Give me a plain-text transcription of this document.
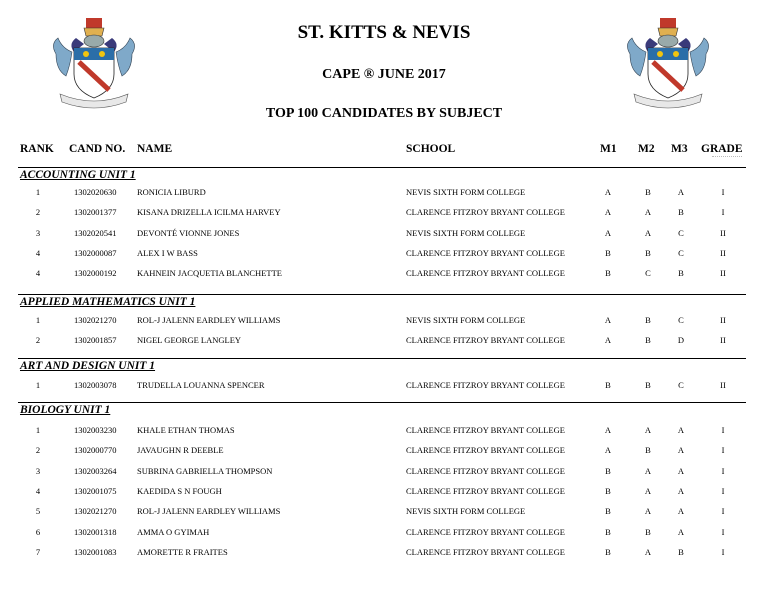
ST. KITTS & NEVIS
CAPE ® JUNE 2017
TOP 100 CANDIDATES BY SUBJECT
RANK CAND NO. NAME	SCHOOL	M1 M2 M3 GRADE
ACCOUNTING UNIT 1
1	1302020630 RONICIA LIBURD	NEVIS SIXTH FORM COLLEGE	A	B	A	I
2	1302001377 KISANA DRIZELLA ICILMA HARVEY	CLARENCE FITZROY BRYANT COLLEGE	A	A	B	I
3	1302020541 DEVONTÉ VIONNE JONES	NEVIS SIXTH FORM COLLEGE	A	A	C	II
4	1302000087 ALEX I W BASS	CLARENCE FITZROY BRYANT COLLEGE	B	B	C	II
4	1302000192 KAHNEIN JACQUETIA BLANCHETTE	CLARENCE FITZROY BRYANT COLLEGE	B	C	B	II
APPLIED MATHEMATICS UNIT 1
1	1302021270 ROL-J JALENN EARDLEY WILLIAMS	NEVIS SIXTH FORM COLLEGE	A	B	C	II
2	1302001857 NIGEL GEORGE LANGLEY	CLARENCE FITZROY BRYANT COLLEGE	A	B	D	II
ART AND DESIGN UNIT 1
1	1302003078 TRUDELLA LOUANNA SPENCER	CLARENCE FITZROY BRYANT COLLEGE	B	B	C	II
BIOLOGY UNIT 1
1	1302003230 KHALE ETHAN THOMAS	CLARENCE FITZROY BRYANT COLLEGE	A	A	A	I
2	1302000770 JAVAUGHN R DEEBLE	CLARENCE FITZROY BRYANT COLLEGE	A	B	A	I
3	1302003264 SUBRINA GABRIELLA THOMPSON	CLARENCE FITZROY BRYANT COLLEGE	B	A	A	I
4	1302001075 KAEDIDA S N FOUGH	CLARENCE FITZROY BRYANT COLLEGE	B	A	A	I
5	1302021270 ROL-J JALENN EARDLEY WILLIAMS	NEVIS SIXTH FORM COLLEGE	B	A	A	I
6	1302001318 AMMA O GYIMAH	CLARENCE FITZROY BRYANT COLLEGE	B	B	A	I
7	1302001083 AMORETTE R FRAITES	CLARENCE FITZROY BRYANT COLLEGE	B	A	B	I
